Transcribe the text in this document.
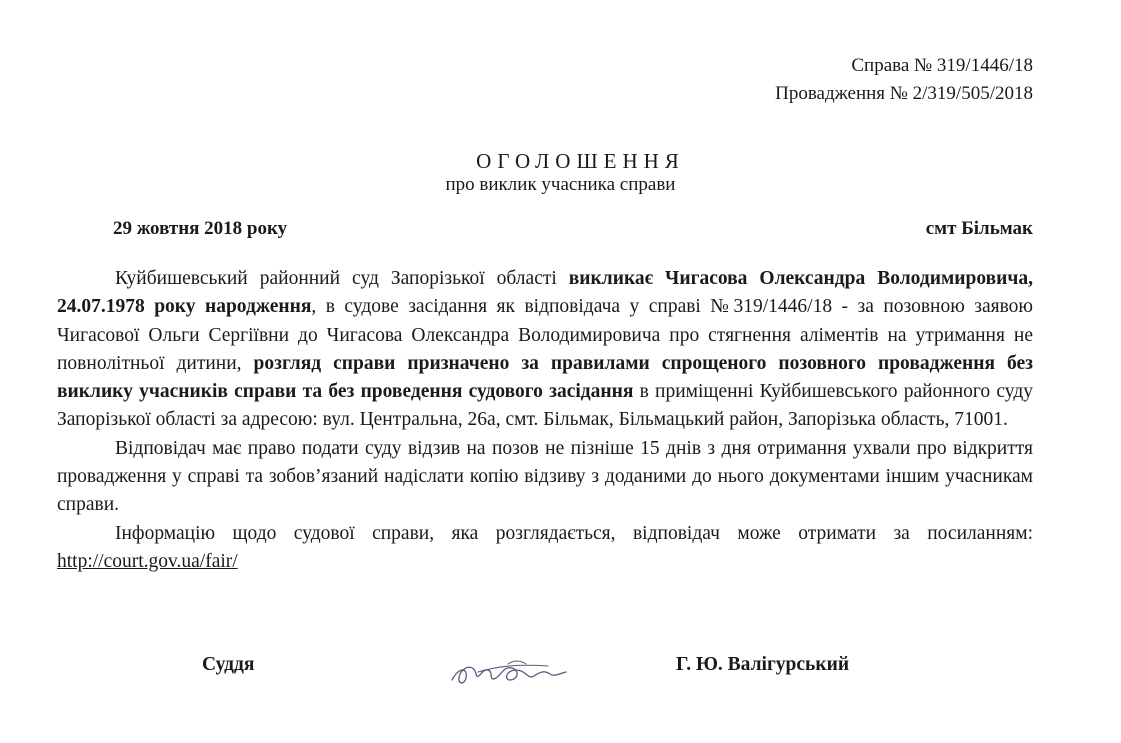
Справа № 319/1446/18
Провадження № 2/319/505/2018
ОГОЛОШЕННЯ
про виклик учасника справи
29 жовтня 2018 року	смт Більмак

Куйбишевський районний суд Запорізької області викликає Чигасова Олександра Володимировича, 24.07.1978 року народження, в судове засідання як відповідача у справі №319/1446/18 - за позовною заявою Чигасової Ольги Сергіївни до Чигасова Олександра Володимировича про стягнення аліментів на утримання не повнолітньої дитини, розгляд справи призначено за правилами спрощеного позовного провадження без виклику учасників справи та без проведення судового засідання в приміщенні Куйбишевського районного суду Запорізької області за адресою: вул. Центральна, 26а, смт. Більмак, Більмацький район, Запорізька область, 71001.

Відповідач має право подати суду відзив на позов не пізніше 15 днів з дня отримання ухвали про відкриття провадження у справі та зобов’язаний надіслати копію відзиву з доданими до нього документами іншим учасникам справи.

Інформацію щодо судової справи, яка розглядається, відповідач може отримати за посиланням: http://court.gov.ua/fair/

Суддя	Г. Ю. Валігурський
